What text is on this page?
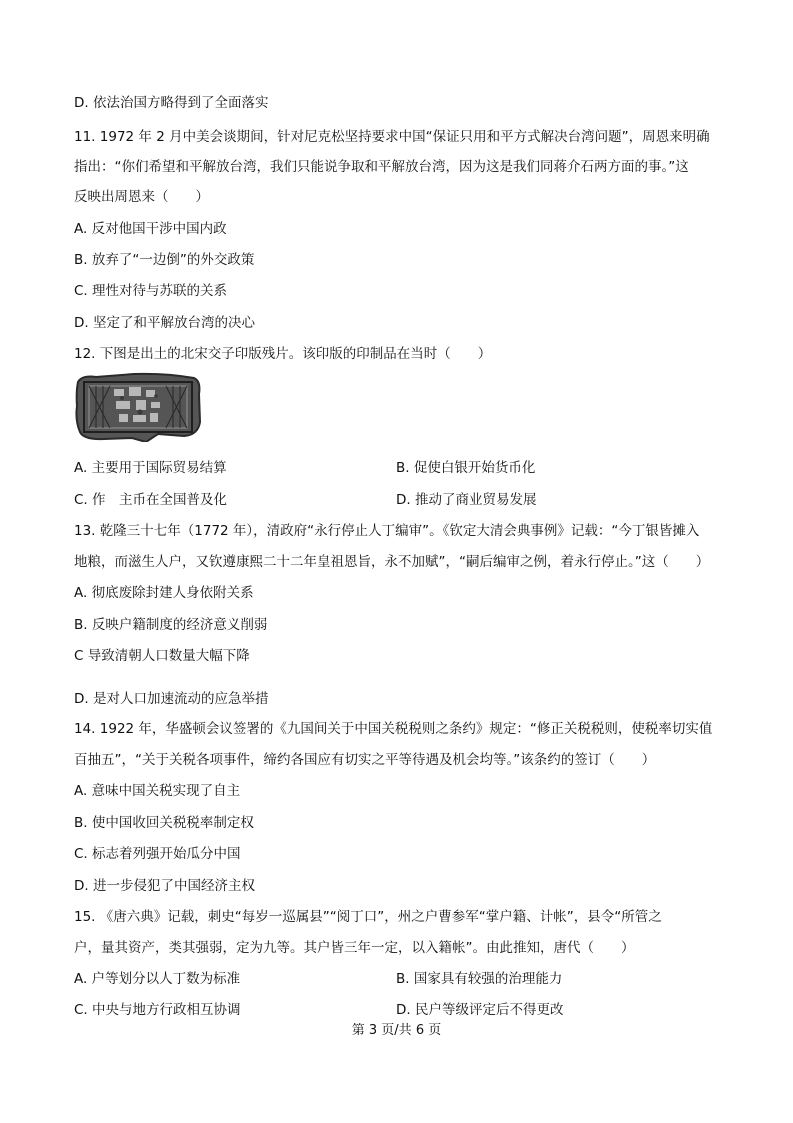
D. 依法治国方略得到了全面落实
11. 1972 年 2 月中美会谈期间，针对尼克松坚持要求中国“保证只用和平方式解决台湾问题”，周恩来明确
指出：“你们希望和平解放台湾，我们只能说争取和平解放台湾，因为这是我们同蒋介石两方面的事。”这
反映出周恩来（　　）
A. 反对他国干涉中国内政
B. 放弃了“一边倒”的外交政策
C. 理性对待与苏联的关系
D. 坚定了和平解放台湾的决心
12. 下图是出土的北宋交子印版残片。该印版的印制品在当时（　　）
A. 主要用于国际贸易结算	B. 促使白银开始货币化
C. 作　主币在全国普及化	D. 推动了商业贸易发展
13. 乾隆三十七年（1772 年），清政府“永行停止人丁编审”。《钦定大清会典事例》记载：“今丁银皆摊入
地粮，而滋生人户，又钦遵康熙二十二年皇祖恩旨，永不加赋”，“嗣后编审之例，着永行停止。”这（　　）
A. 彻底废除封建人身依附关系
B. 反映户籍制度的经济意义削弱
C 导致清朝人口数量大幅下降
D. 是对人口加速流动的应急举措
14. 1922 年，华盛顿会议签署的《九国间关于中国关税税则之条约》规定：“修正关税税则，使税率切实值
百抽五”，“关于关税各项事件，缔约各国应有切实之平等待遇及机会均等。”该条约的签订（　　）
A. 意味中国关税实现了自主
B. 使中国收回关税税率制定权
C. 标志着列强开始瓜分中国
D. 进一步侵犯了中国经济主权
15. 《唐六典》记载，刺史“每岁一巡属县”“阅丁口”，州之户曹参军“掌户籍、计帐”，县令“所管之
户，量其资产，类其强弱，定为九等。其户皆三年一定，以入籍帐”。由此推知，唐代（　　）
A. 户等划分以人丁数为标准	B. 国家具有较强的治理能力
C. 中央与地方行政相互协调	D. 民户等级评定后不得更改
第 3 页/共 6 页
